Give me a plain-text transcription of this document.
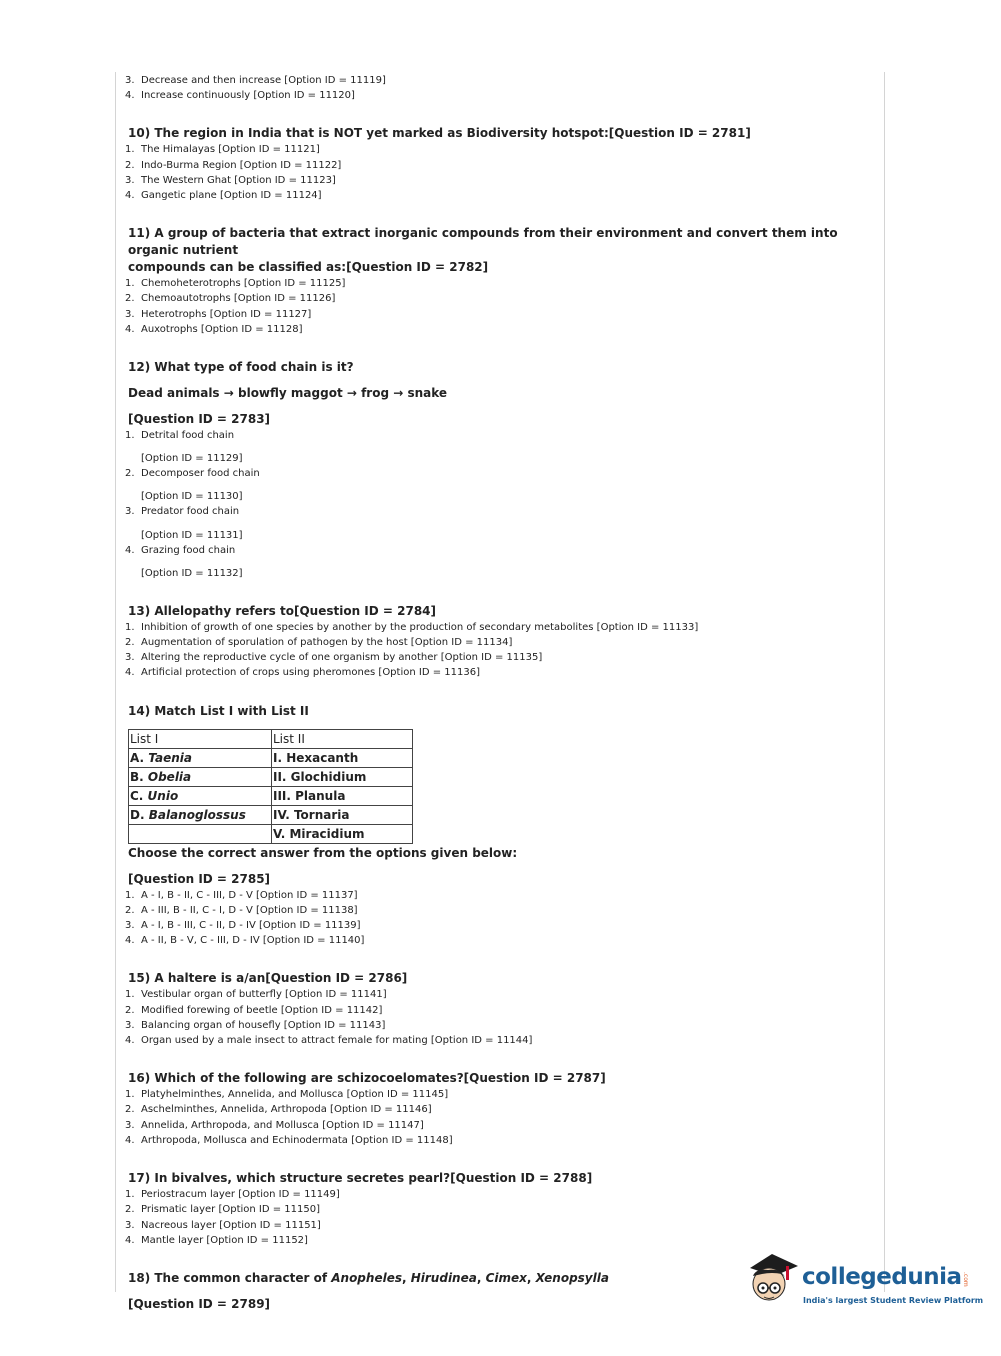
3. Decrease and then increase [Option ID = 11119]

4. Increase continuously [Option ID = 11120]

10) The region in India that is NOT yet marked as Biodiversity hotspot:[Question ID = 2781]

1. The Himalayas [Option ID = 11121]

2. Indo-Burma Region [Option ID = 11122]

3. The Western Ghat [Option ID = 11123]

4. Gangetic plane [Option ID = 11124]

11) A group of bacteria that extract inorganic compounds from their environment and convert them into organic nutrient

compounds can be classified as:[Question ID = 2782]

1. Chemoheterotrophs [Option ID = 11125]

2. Chemoautotrophs [Option ID = 11126]

3. Heterotrophs [Option ID = 11127]

4. Auxotrophs [Option ID = 11128]

12) What type of food chain is it?

Dead animals → blowfly maggot → frog → snake

[Question ID = 2783]

1. Detrital food chain

[Option ID = 11129]

2. Decomposer food chain

[Option ID = 11130]

3. Predator food chain

[Option ID = 11131]

4. Grazing food chain

[Option ID = 11132]

13) Allelopathy refers to[Question ID = 2784]

1. Inhibition of growth of one species by another by the production of secondary metabolites [Option ID = 11133]

2. Augmentation of sporulation of pathogen by the host [Option ID = 11134]

3. Altering the reproductive cycle of one organism by another [Option ID = 11135]

4. Artificial protection of crops using pheromones [Option ID = 11136]

14) Match List I with List II

List I	List II
A. Taenia	I. Hexacanth
B. Obelia	II. Glochidium
C. Unio	III. Planula
D. Balanoglossus	IV. Tornaria
	V. Miracidium

Choose the correct answer from the options given below:

[Question ID = 2785]

1. A - I, B - II, C - III, D - V [Option ID = 11137]

2. A - III, B - II, C - I, D - V [Option ID = 11138]

3. A - I, B - III, C - II, D - IV [Option ID = 11139]

4. A - II, B - V, C - III, D - IV [Option ID = 11140]

15) A haltere is a/an[Question ID = 2786]

1. Vestibular organ of butterfly [Option ID = 11141]

2. Modified forewing of beetle [Option ID = 11142]

3. Balancing organ of housefly [Option ID = 11143]

4. Organ used by a male insect to attract female for mating [Option ID = 11144]

16) Which of the following are schizocoelomates?[Question ID = 2787]

1. Platyhelminthes, Annelida, and Mollusca [Option ID = 11145]

2. Aschelminthes, Annelida, Arthropoda [Option ID = 11146]

3. Annelida, Arthropoda, and Mollusca [Option ID = 11147]

4. Arthropoda, Mollusca and Echinodermata [Option ID = 11148]

17) In bivalves, which structure secretes pearl?[Question ID = 2788]

1. Periostracum layer [Option ID = 11149]

2. Prismatic layer [Option ID = 11150]

3. Nacreous layer [Option ID = 11151]

4. Mantle layer [Option ID = 11152]

18) The common character of Anopheles, Hirudinea, Cimex, Xenopsylla

[Question ID = 2789]

collegedunia .com
India's largest Student Review Platform
